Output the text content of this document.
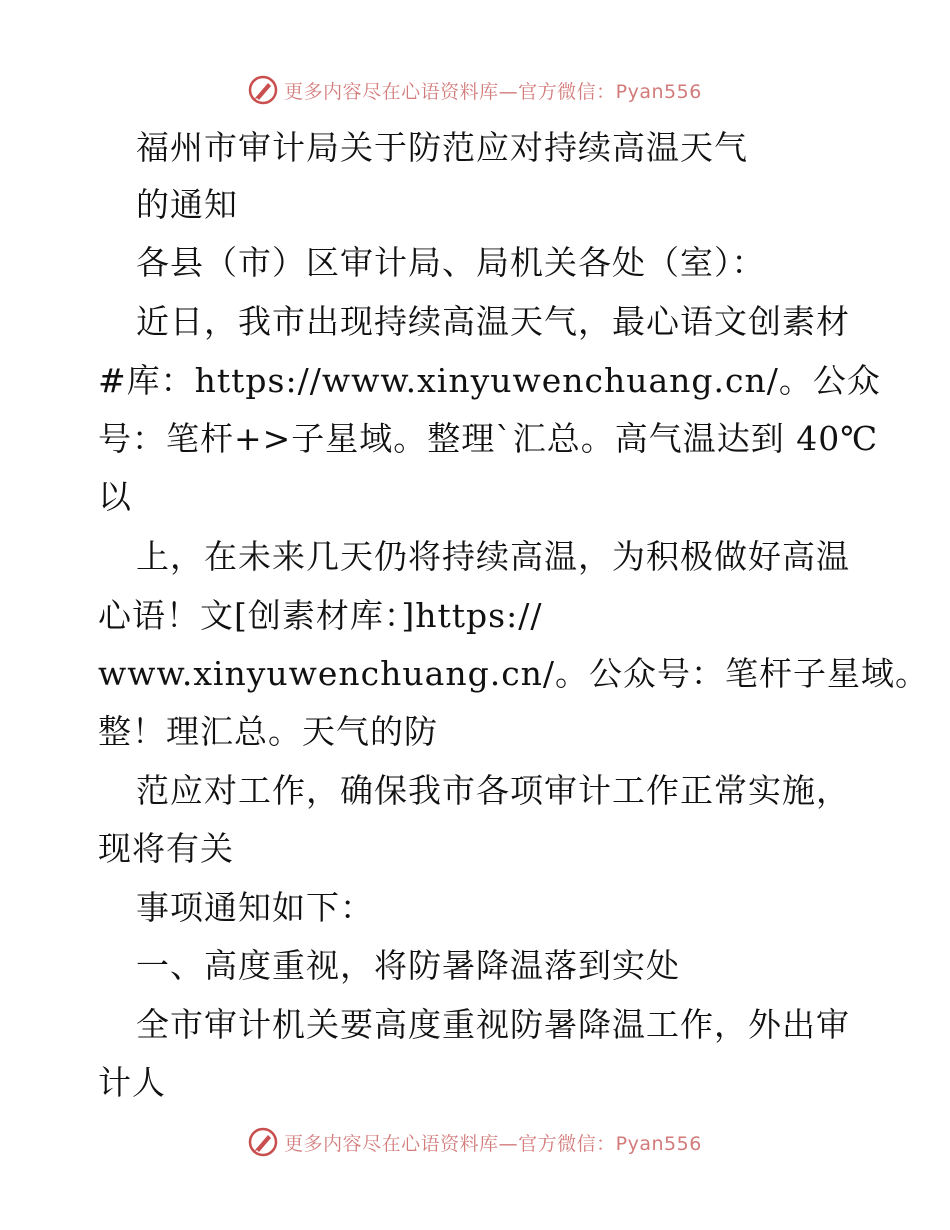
更多内容尽在心语资料库—官方微信：Pyan556
福州市审计局关于防范应对持续高温天气
的通知
各县（市）区审计局、局机关各处（室）：
近日，我市出现持续高温天气，最心语文创素材
#库：https://www.xinyuwenchuang.cn/。公众
号：笔杆+>子星域。整理`汇总。高气温达到 40℃
以
上，在未来几天仍将持续高温，为积极做好高温
心语！文[创素材库：]https://
www.xinyuwenchuang.cn/。公众号：笔杆子星域。
整！理汇总。天气的防
范应对工作，确保我市各项审计工作正常实施，
现将有关
事项通知如下：
一、高度重视，将防暑降温落到实处
全市审计机关要高度重视防暑降温工作，外出审
计人
更多内容尽在心语资料库—官方微信：Pyan556
